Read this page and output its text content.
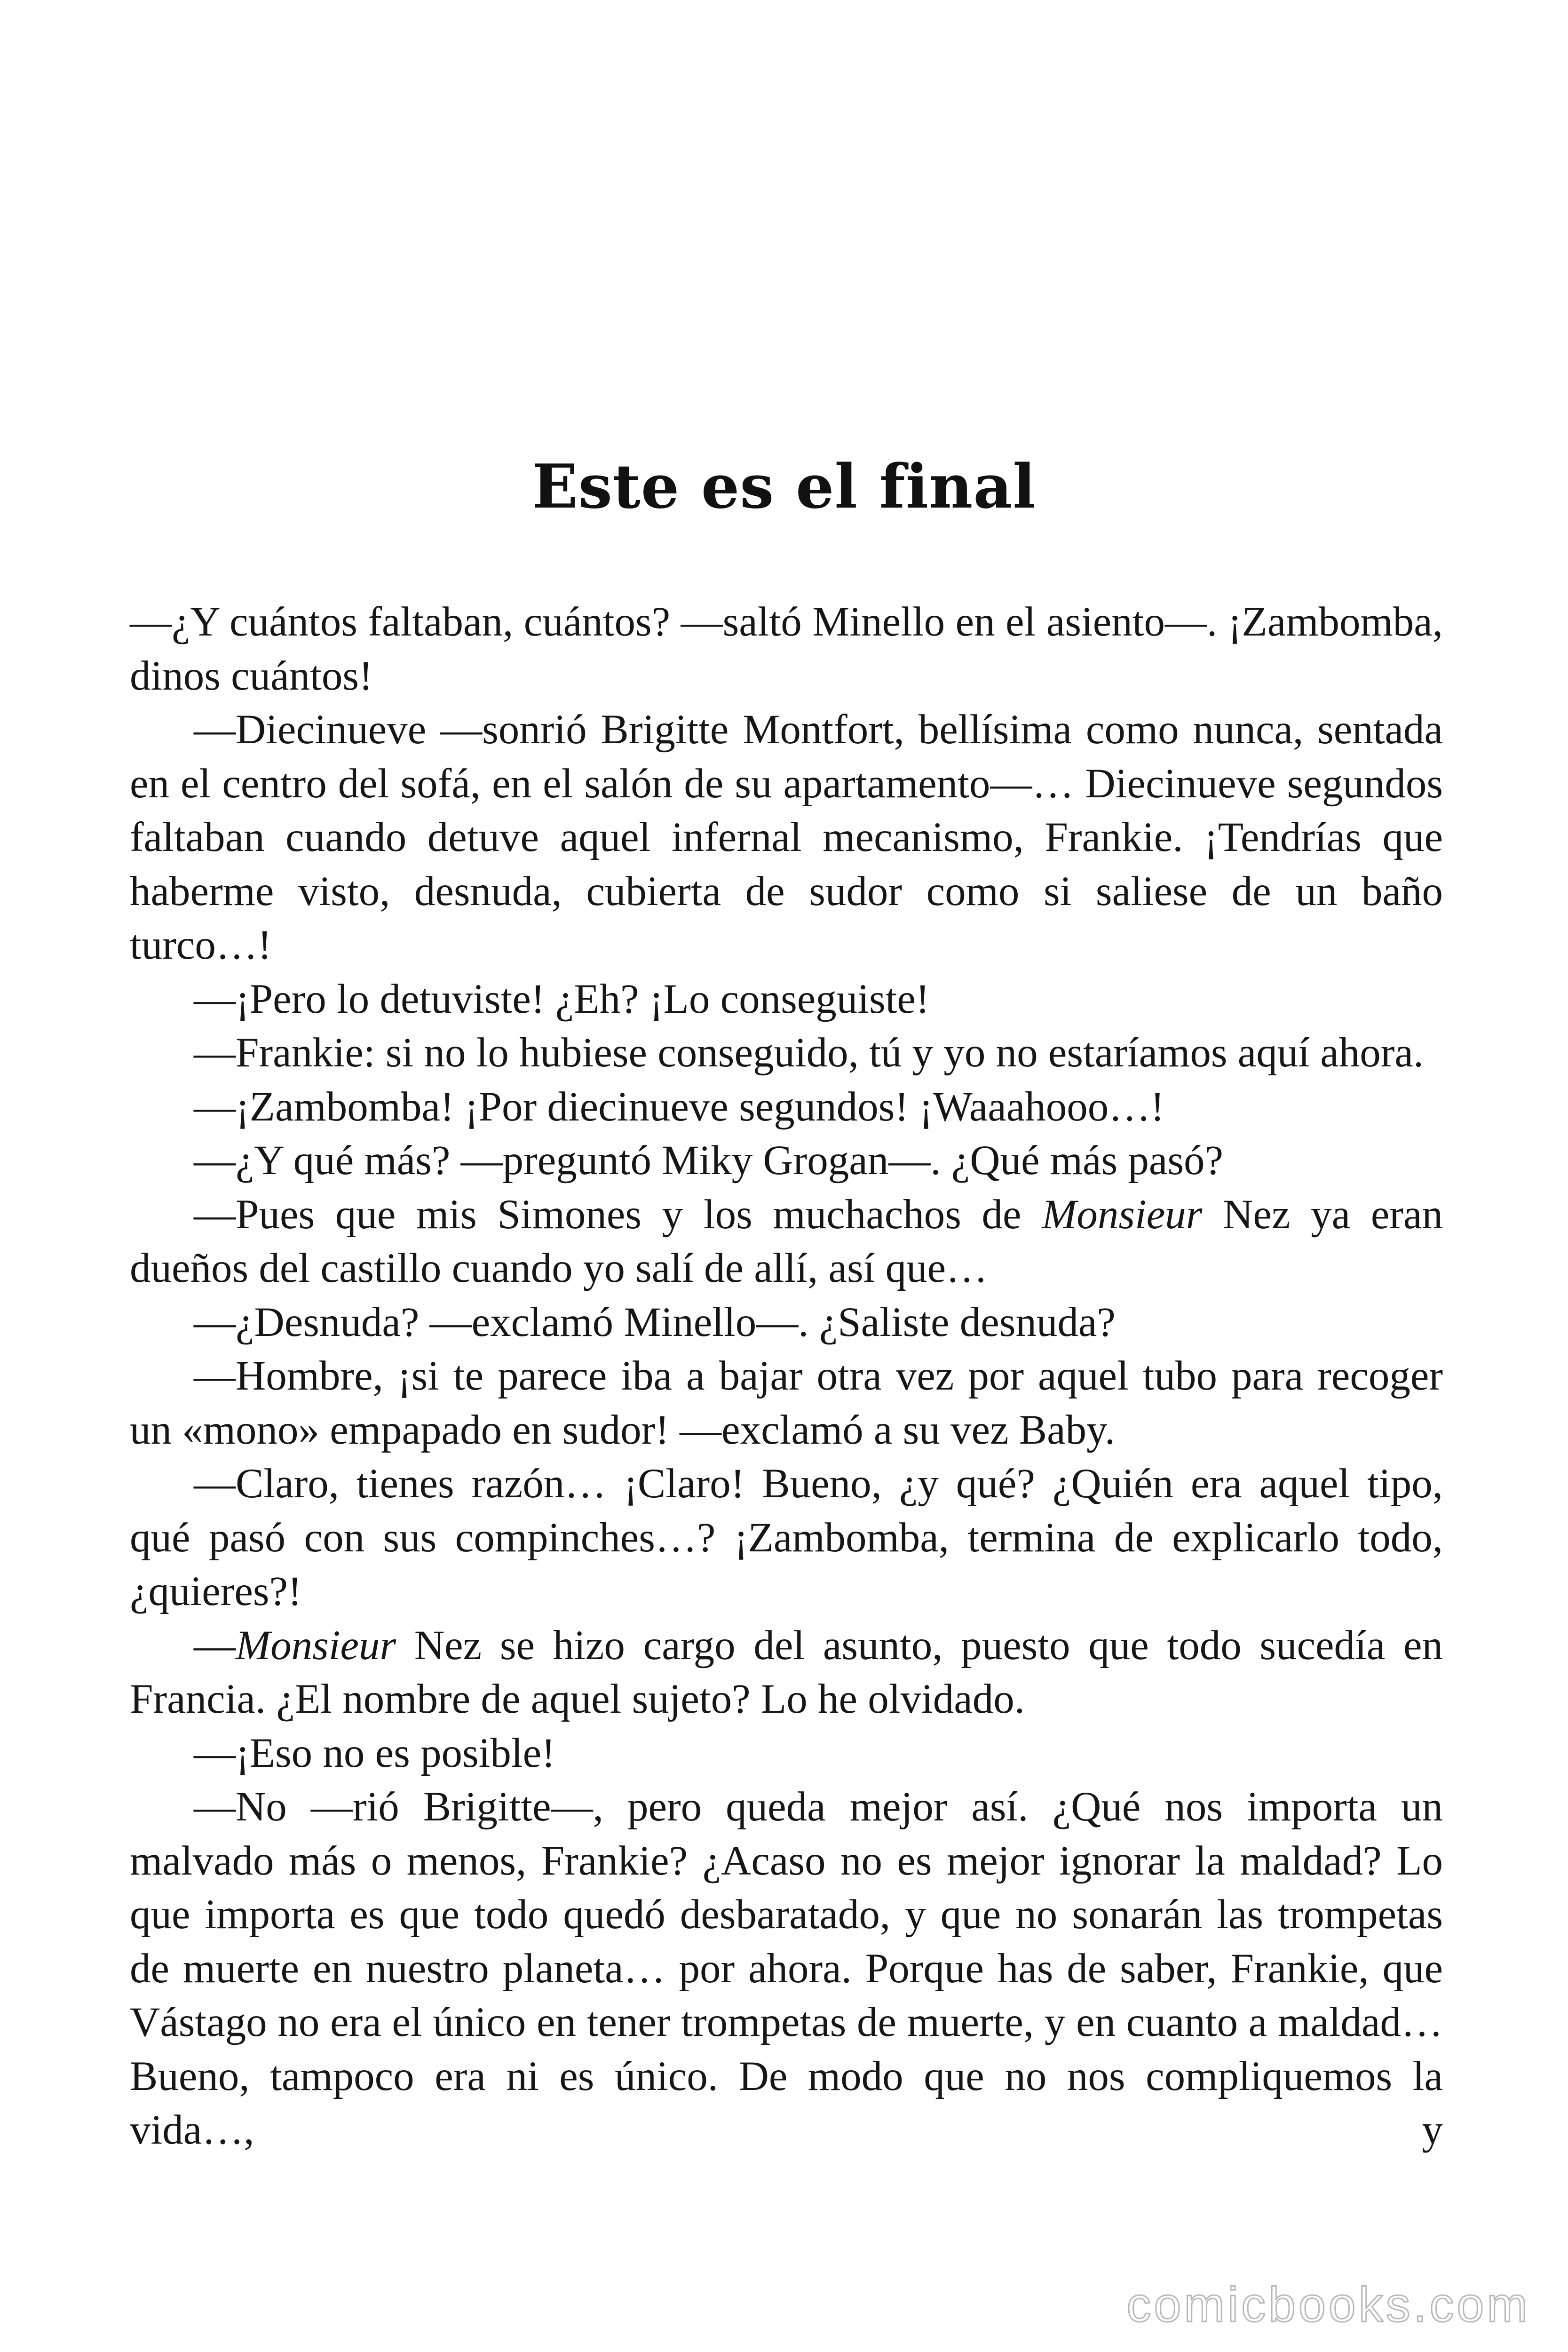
Este es el final

—¿Y cuántos faltaban, cuántos? —saltó Minello en el asiento—. ¡Zambomba, dinos cuántos!

—Diecinueve —sonrió Brigitte Montfort, bellísima como nunca, sentada en el centro del sofá, en el salón de su apartamento—… Diecinueve segundos faltaban cuando detuve aquel infernal mecanismo, Frankie. ¡Tendrías que haberme visto, desnuda, cubierta de sudor como si saliese de un baño turco…!

—¡Pero lo detuviste! ¿Eh? ¡Lo conseguiste!

—Frankie: si no lo hubiese conseguido, tú y yo no estaríamos aquí ahora.

—¡Zambomba! ¡Por diecinueve segundos! ¡Waaahooo…!

—¿Y qué más? —preguntó Miky Grogan—. ¿Qué más pasó?

—Pues que mis Simones y los muchachos de Monsieur Nez ya eran dueños del castillo cuando yo salí de allí, así que…

—¿Desnuda? —exclamó Minello—. ¿Saliste desnuda?

—Hombre, ¡si te parece iba a bajar otra vez por aquel tubo para recoger un «mono» empapado en sudor! —exclamó a su vez Baby.

—Claro, tienes razón… ¡Claro! Bueno, ¿y qué? ¿Quién era aquel tipo, qué pasó con sus compinches…? ¡Zambomba, termina de explicarlo todo, ¿quieres?!

—Monsieur Nez se hizo cargo del asunto, puesto que todo sucedía en Francia. ¿El nombre de aquel sujeto? Lo he olvidado.

—¡Eso no es posible!

—No —rió Brigitte—, pero queda mejor así. ¿Qué nos importa un malvado más o menos, Frankie? ¿Acaso no es mejor ignorar la maldad? Lo que importa es que todo quedó desbaratado, y que no sonarán las trompetas de muerte en nuestro planeta… por ahora. Porque has de saber, Frankie, que Vástago no era el único en tener trompetas de muerte, y en cuanto a maldad… Bueno, tampoco era ni es único. De modo que no nos compliquemos la vida…, y

comicbooks.com
